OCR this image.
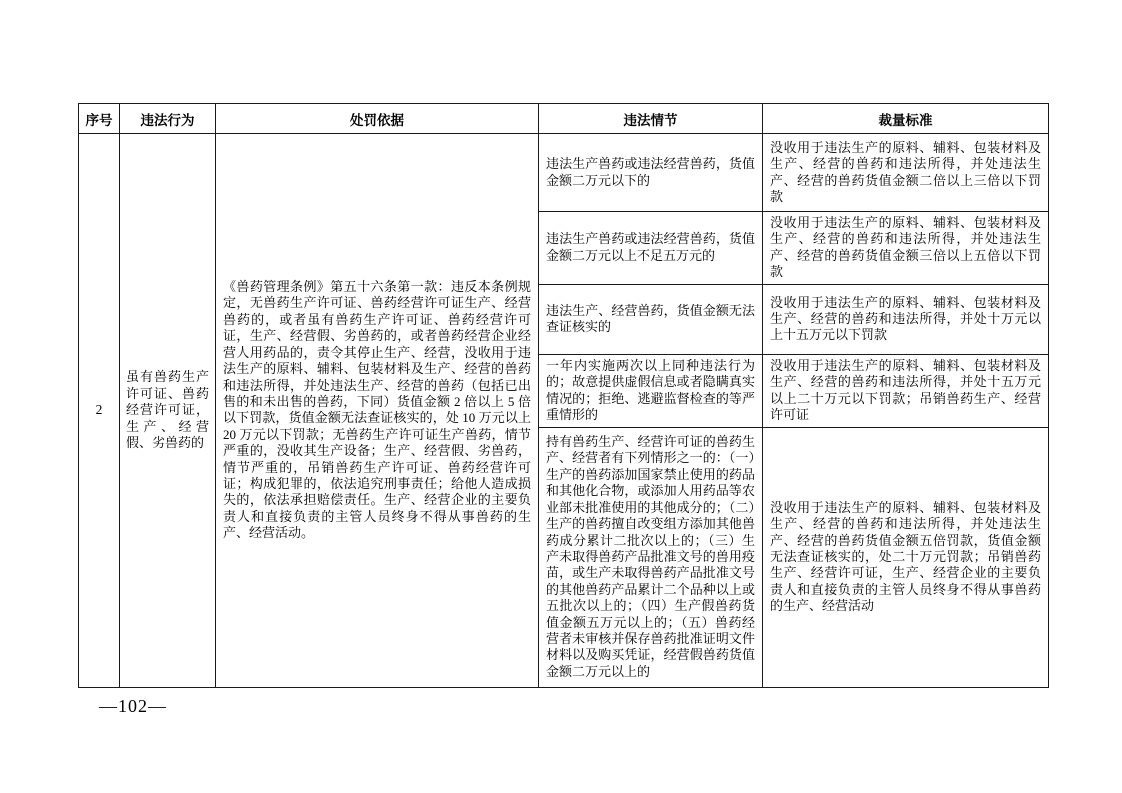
序号	违法行为	处罚依据	违法情节	裁量标准
2	虽有兽药生产许可证、兽药经营许可证，生产、经营假、劣兽药的	《兽药管理条例》第五十六条第一款：违反本条例规定，无兽药生产许可证、兽药经营许可证生产、经营兽药的，或者虽有兽药生产许可证、兽药经营许可证，生产、经营假、劣兽药的，或者兽药经营企业经营人用药品的，责令其停止生产、经营，没收用于违法生产的原料、辅料、包装材料及生产、经营的兽药和违法所得，并处违法生产、经营的兽药（包括已出售的和未出售的兽药，下同）货值金额 2 倍以上 5 倍以下罚款，货值金额无法查证核实的，处 10 万元以上 20 万元以下罚款；无兽药生产许可证生产兽药，情节严重的，没收其生产设备；生产、经营假、劣兽药，情节严重的，吊销兽药生产许可证、兽药经营许可证；构成犯罪的，依法追究刑事责任；给他人造成损失的，依法承担赔偿责任。生产、经营企业的主要负责人和直接负责的主管人员终身不得从事兽药的生产、经营活动。	违法生产兽药或违法经营兽药，货值金额二万元以下的	没收用于违法生产的原料、辅料、包装材料及生产、经营的兽药和违法所得，并处违法生产、经营的兽药货值金额二倍以上三倍以下罚款
			违法生产兽药或违法经营兽药，货值金额二万元以上不足五万元的	没收用于违法生产的原料、辅料、包装材料及生产、经营的兽药和违法所得，并处违法生产、经营的兽药货值金额三倍以上五倍以下罚款
			违法生产、经营兽药，货值金额无法查证核实的	没收用于违法生产的原料、辅料、包装材料及生产、经营的兽药和违法所得，并处十万元以上十五万元以下罚款
			一年内实施两次以上同种违法行为的；故意提供虚假信息或者隐瞒真实情况的；拒绝、逃避监督检查的等严重情形的	没收用于违法生产的原料、辅料、包装材料及生产、经营的兽药和违法所得，并处十五万元以上二十万元以下罚款；吊销兽药生产、经营许可证
			持有兽药生产、经营许可证的兽药生产、经营者有下列情形之一的：（一）生产的兽药添加国家禁止使用的药品和其他化合物，或添加人用药品等农业部未批准使用的其他成分的；（二）生产的兽药擅自改变组方添加其他兽药成分累计二批次以上的；（三）生产未取得兽药产品批准文号的兽用疫苗，或生产未取得兽药产品批准文号的其他兽药产品累计二个品种以上或五批次以上的；（四）生产假兽药货值金额五万元以上的；（五）兽药经营者未审核并保存兽药批准证明文件材料以及购买凭证，经营假兽药货值金额二万元以上的	没收用于违法生产的原料、辅料、包装材料及生产、经营的兽药和违法所得，并处违法生产、经营的兽药货值金额五倍罚款，货值金额无法查证核实的，处二十万元罚款；吊销兽药生产、经营许可证，生产、经营企业的主要负责人和直接负责的主管人员终身不得从事兽药的生产、经营活动
—102—
